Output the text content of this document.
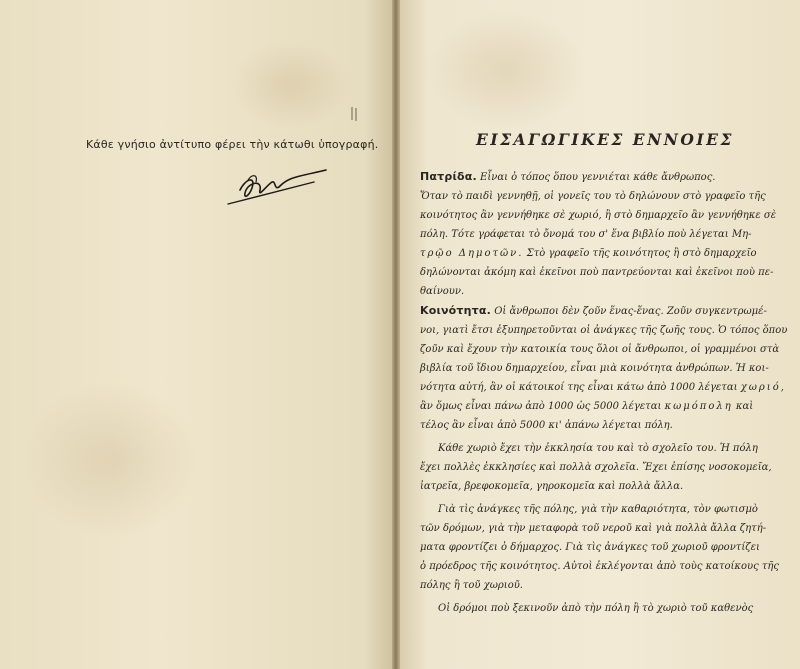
Κάθε γνήσιο ἀντίτυπο φέρει τὴν κάτωθι ὑπογραφή.	ΕΙΣΑΓΩΓΙΚΕΣ ΕΝΝΟΙΕΣ

Πατρίδα. Εἶναι ὁ τόπος ὅπου γεννιέται κάθε ἄνθρωπος.
Ὅταν τὸ παιδὶ γεννηθῇ, οἱ γονεῖς του τὸ δηλώνουν στὸ γραφεῖο τῆς
κοινότητος ἂν γεννήθηκε σὲ χωριό, ἢ στὸ δημαρχεῖο ἂν γεννήθηκε σὲ
πόλη. Τότε γράφεται τὸ ὄνομά του σ' ἕνα βιβλίο ποὺ λέγεται Μη-
τρῷο Δημοτῶν. Στὸ γραφεῖο τῆς κοινότητος ἢ στὸ δημαρχεῖο
δηλώνονται ἀκόμη καὶ ἐκεῖνοι ποὺ παντρεύονται καὶ ἐκεῖνοι ποὺ πε-
θαίνουν.

Κοινότητα. Οἱ ἄνθρωποι δὲν ζοῦν ἕνας-ἕνας. Ζοῦν συγκεντρωμέ-
νοι, γιατὶ ἔτσι ἐξυπηρετοῦνται οἱ ἀνάγκες τῆς ζωῆς τους. Ὁ τόπος ὅπου
ζοῦν καὶ ἔχουν τὴν κατοικία τους ὅλοι οἱ ἄνθρωποι, οἱ γραμμένοι στὰ
βιβλία τοῦ ἴδιου δημαρχείου, εἶναι μιὰ κοινότητα ἀνθρώπων. Ἡ κοι-
νότητα αὐτή, ἂν οἱ κάτοικοί της εἶναι κάτω ἀπὸ 1000 λέγεται χωριό,
ἂν ὅμως εἶναι πάνω ἀπὸ 1000 ὡς 5000 λέγεται κωμόπολη καὶ
τέλος ἂν εἶναι ἀπὸ 5000 κι' ἀπάνω λέγεται πόλη.

Κάθε χωριὸ ἔχει τὴν ἐκκλησία του καὶ τὸ σχολεῖο του. Ἡ πόλη
ἔχει πολλὲς ἐκκλησίες καὶ πολλὰ σχολεῖα. Ἔχει ἐπίσης νοσοκομεῖα,
ἰατρεῖα, βρεφοκομεῖα, γηροκομεῖα καὶ πολλὰ ἄλλα.

Γιὰ τὶς ἀνάγκες τῆς πόλης, γιὰ τὴν καθαριότητα, τὸν φωτισμὸ
τῶν δρόμων, γιὰ τὴν μεταφορὰ τοῦ νεροῦ καὶ γιὰ πολλὰ ἄλλα ζητή-
ματα φροντίζει ὁ δήμαρχος. Γιὰ τὶς ἀνάγκες τοῦ χωριοῦ φροντίζει
ὁ πρόεδρος τῆς κοινότητος. Αὐτοὶ ἐκλέγονται ἀπὸ τοὺς κατοίκους τῆς
πόλης ἢ τοῦ χωριοῦ.

Οἱ δρόμοι ποὺ ξεκινοῦν ἀπὸ τὴν πόλη ἢ τὸ χωριὸ τοῦ καθενὸς
